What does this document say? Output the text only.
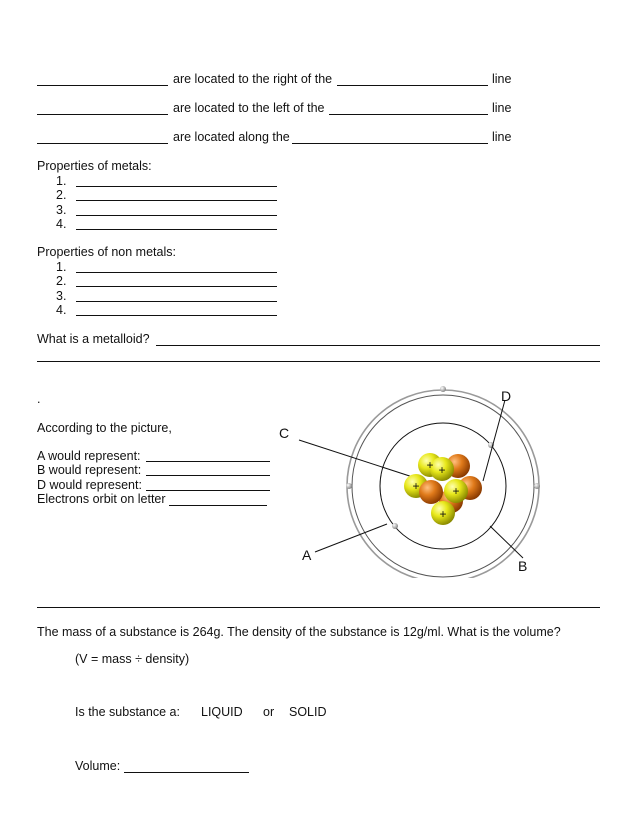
are located to the right of the	line
are located to the left of the	line
are located along the	line
Properties of metals:
1.
2.
3.
4.
Properties of non metals:
1.
2.
3.
4.
What is a metalloid?
.
According to the picture,
A would represent:
B would represent:
D would represent:
Electrons orbit on letter
+ +
+	+
+
C
D
A
B
The mass of a substance is 264g. The density of the substance is 12g/ml. What is the volume?
(V = mass ÷ density)
Is the substance a: LIQUID or SOLID
Volume:
